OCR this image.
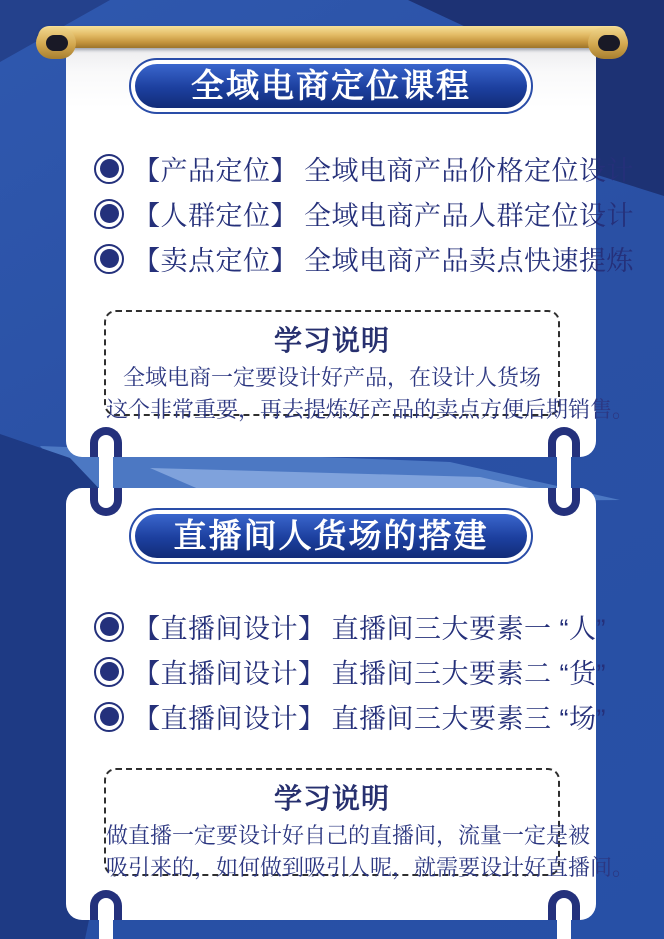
全域电商定位课程
【产品定位】 全域电商产品价格定位设计
【人群定位】 全域电商产品人群定位设计
【卖点定位】 全域电商产品卖点快速提炼
学习说明
全域电商一定要设计好产品，在设计人货场
这个非常重要，再去提炼好产品的卖点方便后期销售。
直播间人货场的搭建
【直播间设计】 直播间三大要素一 “人”
【直播间设计】 直播间三大要素二 “货”
【直播间设计】 直播间三大要素三 “场”
学习说明
做直播一定要设计好自己的直播间，流量一定是被
吸引来的，如何做到吸引人呢，就需要设计好直播间。
